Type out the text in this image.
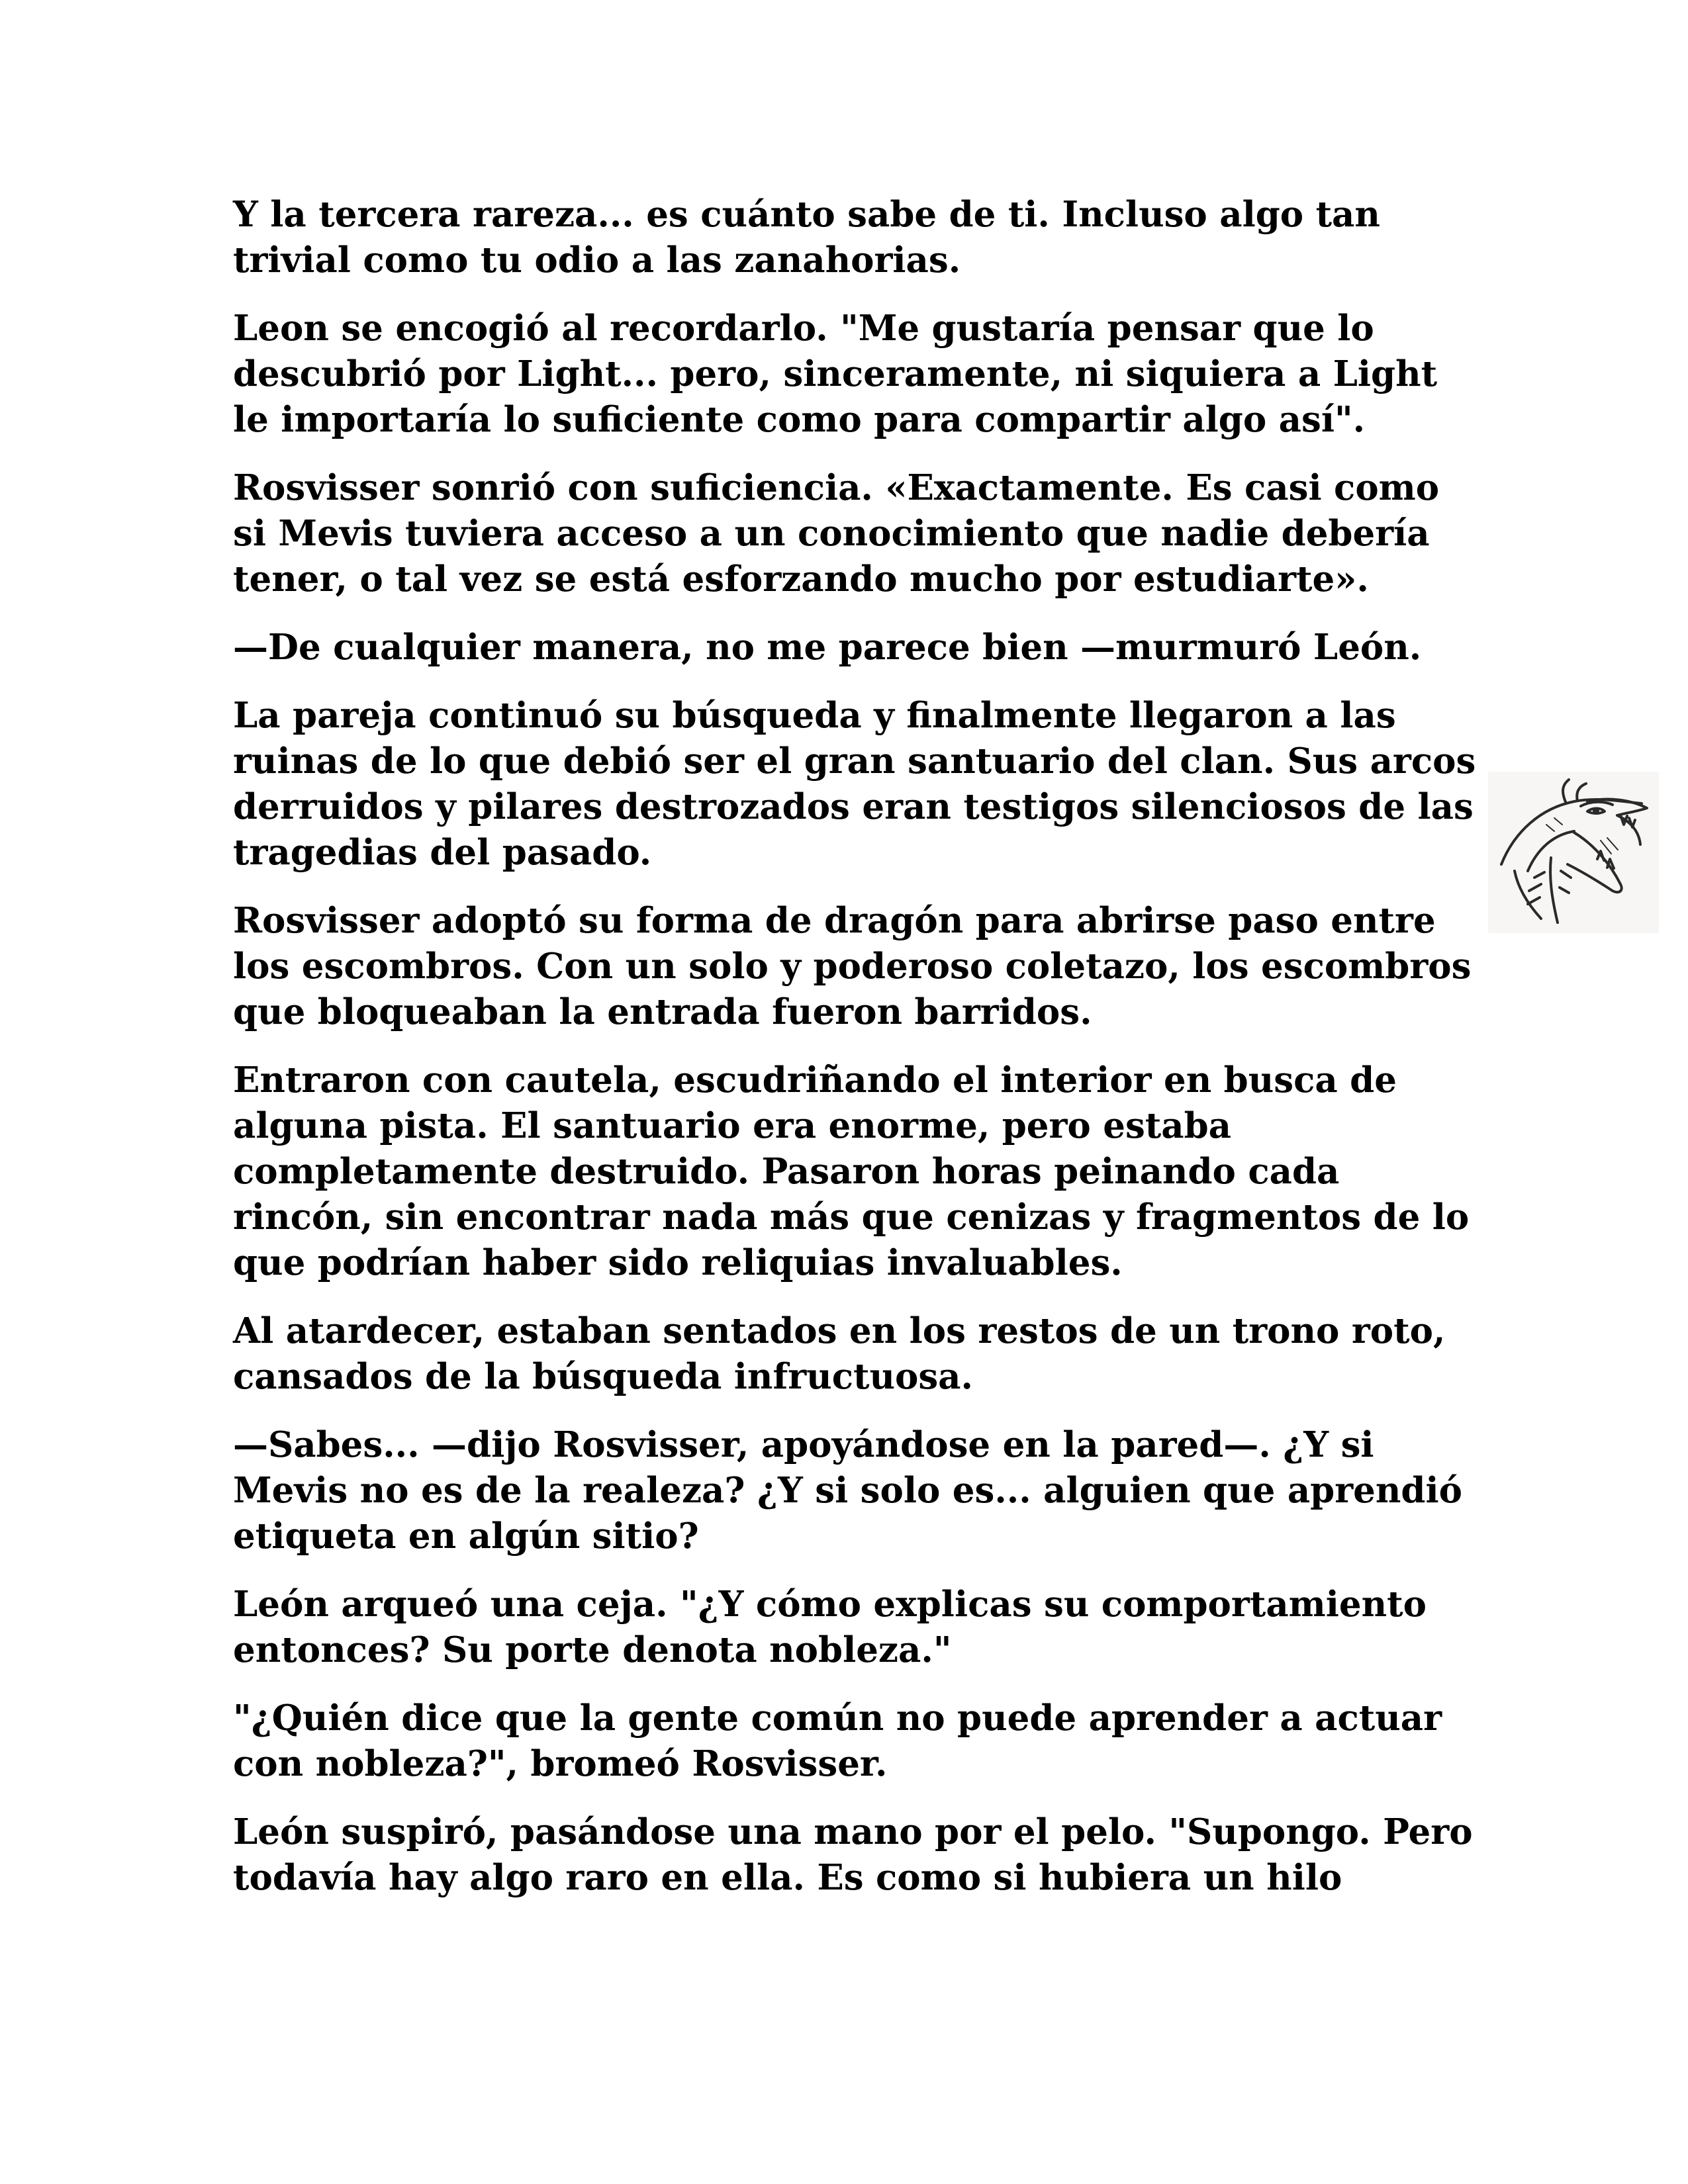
Y la tercera rareza... es cuánto sabe de ti. Incluso algo tan
trivial como tu odio a las zanahorias.

Leon se encogió al recordarlo. "Me gustaría pensar que lo
descubrió por Light... pero, sinceramente, ni siquiera a Light
le importaría lo suficiente como para compartir algo así".

Rosvisser sonrió con suficiencia. «Exactamente. Es casi como
si Mevis tuviera acceso a un conocimiento que nadie debería
tener, o tal vez se está esforzando mucho por estudiarte».

—De cualquier manera, no me parece bien —murmuró León.

La pareja continuó su búsqueda y finalmente llegaron a las
ruinas de lo que debió ser el gran santuario del clan. Sus arcos
derruidos y pilares destrozados eran testigos silenciosos de las
tragedias del pasado.

Rosvisser adoptó su forma de dragón para abrirse paso entre
los escombros. Con un solo y poderoso coletazo, los escombros
que bloqueaban la entrada fueron barridos.

Entraron con cautela, escudriñando el interior en busca de
alguna pista. El santuario era enorme, pero estaba
completamente destruido. Pasaron horas peinando cada
rincón, sin encontrar nada más que cenizas y fragmentos de lo
que podrían haber sido reliquias invaluables.

Al atardecer, estaban sentados en los restos de un trono roto,
cansados de la búsqueda infructuosa.

—Sabes... —dijo Rosvisser, apoyándose en la pared—. ¿Y si
Mevis no es de la realeza? ¿Y si solo es... alguien que aprendió
etiqueta en algún sitio?

León arqueó una ceja. "¿Y cómo explicas su comportamiento
entonces? Su porte denota nobleza."

"¿Quién dice que la gente común no puede aprender a actuar
con nobleza?", bromeó Rosvisser.

León suspiró, pasándose una mano por el pelo. "Supongo. Pero
todavía hay algo raro en ella. Es como si hubiera un hilo
